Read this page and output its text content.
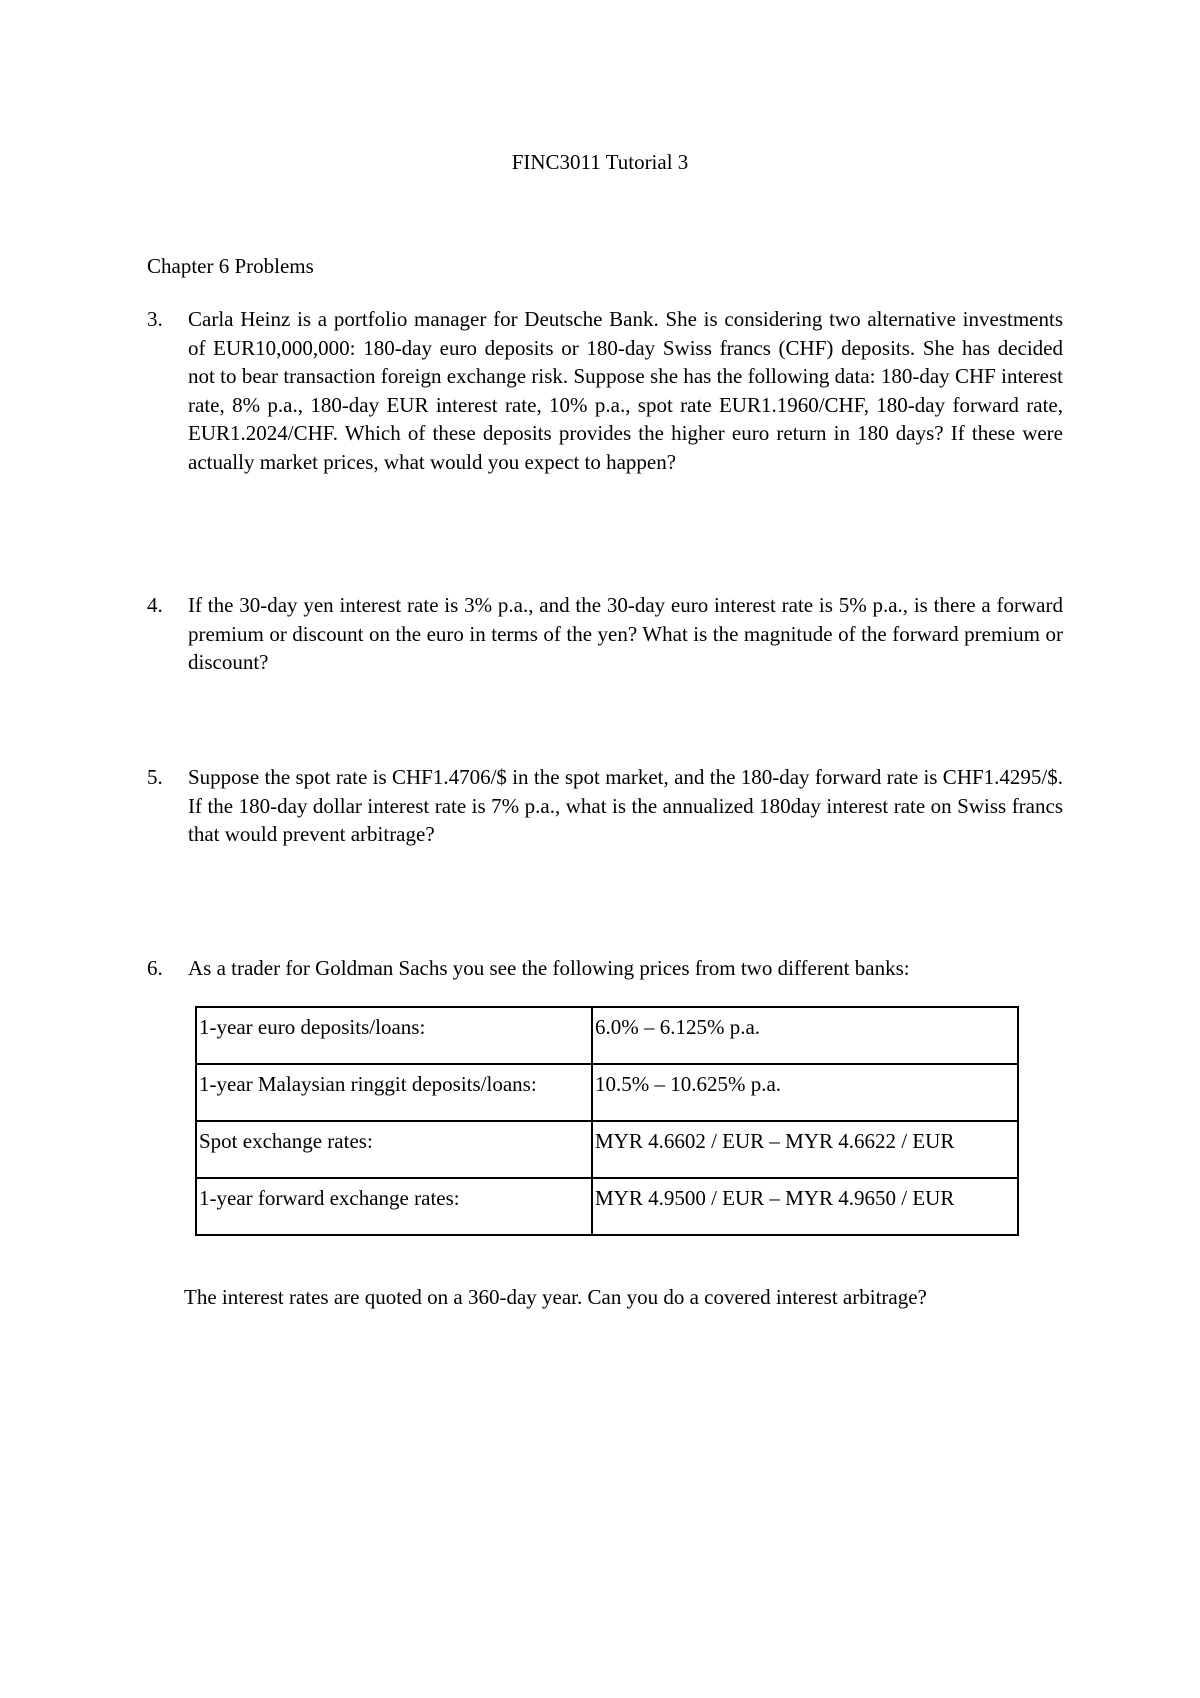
FINC3011 Tutorial 3
Chapter 6 Problems
3.	Carla Heinz is a portfolio manager for Deutsche Bank. She is considering two alternative investments of EUR10,000,000: 180-day euro deposits or 180-day Swiss francs (CHF) deposits. She has decided not to bear transaction foreign exchange risk. Suppose she has the following data: 180-day CHF interest rate, 8% p.a., 180-day EUR interest rate, 10% p.a., spot rate EUR1.1960/CHF, 180-day forward rate, EUR1.2024/CHF. Which of these deposits provides the higher euro return in 180 days? If these were actually market prices, what would you expect to happen?
4.	If the 30-day yen interest rate is 3% p.a., and the 30-day euro interest rate is 5% p.a., is there a forward premium or discount on the euro in terms of the yen? What is the magnitude of the forward premium or discount?
5.	Suppose the spot rate is CHF1.4706/$ in the spot market, and the 180-day forward rate is CHF1.4295/$. If the 180-day dollar interest rate is 7% p.a., what is the annualized 180day interest rate on Swiss francs that would prevent arbitrage?
6.	As a trader for Goldman Sachs you see the following prices from two different banks:
1-year euro deposits/loans:	6.0% – 6.125% p.a.
1-year Malaysian ringgit deposits/loans:	10.5% – 10.625% p.a.
Spot exchange rates:	MYR 4.6602 / EUR – MYR 4.6622 / EUR
1-year forward exchange rates:	MYR 4.9500 / EUR – MYR 4.9650 / EUR
The interest rates are quoted on a 360-day year. Can you do a covered interest arbitrage?
